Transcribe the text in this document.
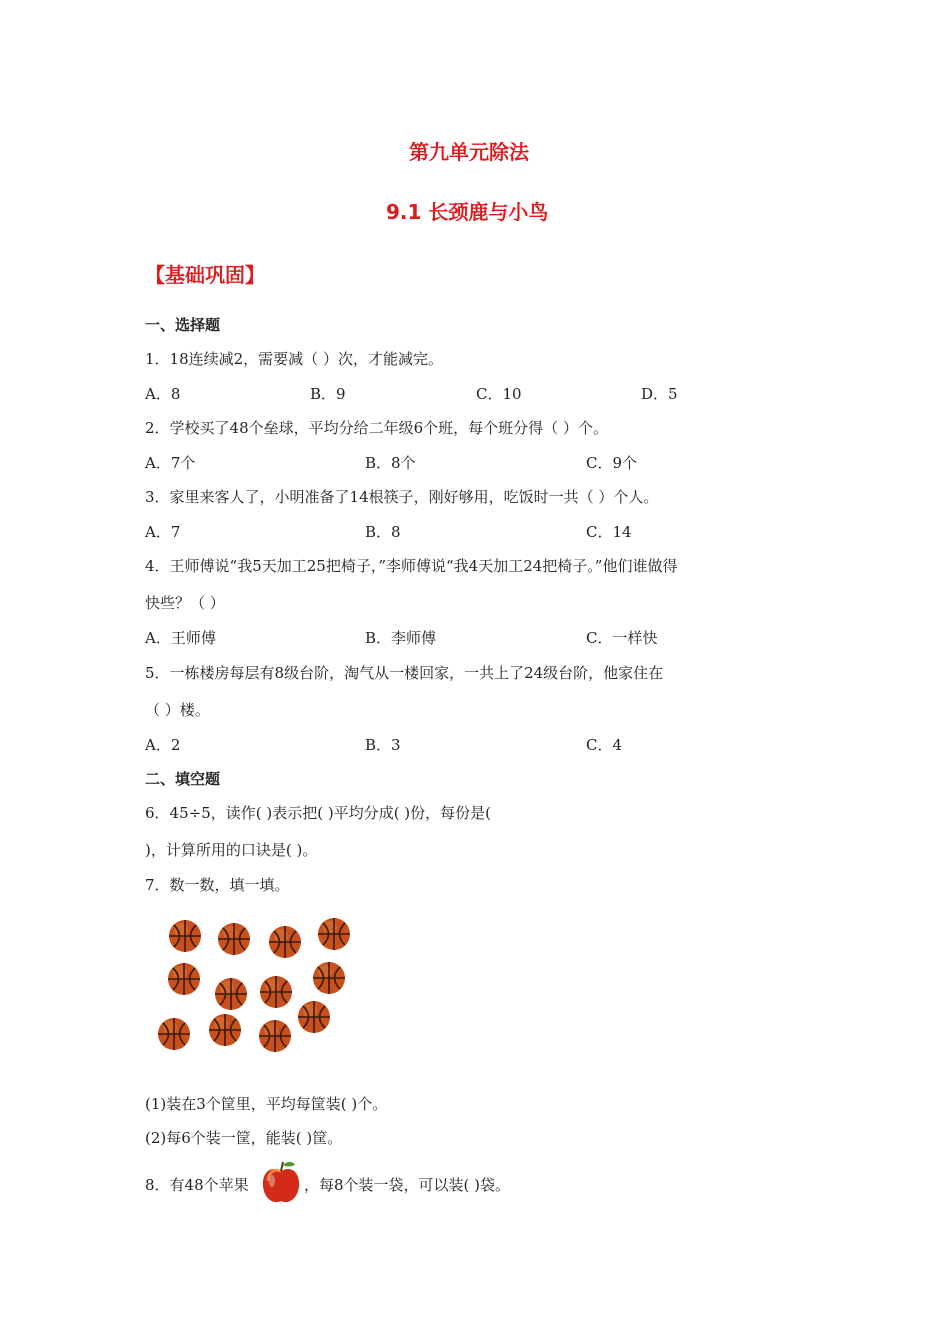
第九单元除法
9.1 长颈鹿与小鸟
【基础巩固】
一、选择题
1．18连续减2，需要减（ ）次，才能减完。
A．8	B．9	C．10	D．5
2．学校买了48个垒球，平均分给二年级6个班，每个班分得（ ）个。
A．7个	B．8个	C．9个
3．家里来客人了，小明准备了14根筷子，刚好够用，吃饭时一共（ ）个人。
A．7	B．8	C．14
4．王师傅说“我5天加工25把椅子，”李师傅说“我4天加工24把椅子。”他们谁做得
快些？（ ）
A．王师傅	B．李师傅	C．一样快
5．一栋楼房每层有8级台阶，淘气从一楼回家，一共上了24级台阶，他家住在
（ ）楼。
A．2	B．3	C．4
二、填空题
6．45÷5，读作( )表示把( )平均分成( )份，每份是(
)，计算所用的口诀是( )。
7．数一数，填一填。
(1)装在3个筐里，平均每筐装( )个。
(2)每6个装一筐，能装( )筐。
8．有48个苹果	，每8个装一袋，可以装( )袋。
